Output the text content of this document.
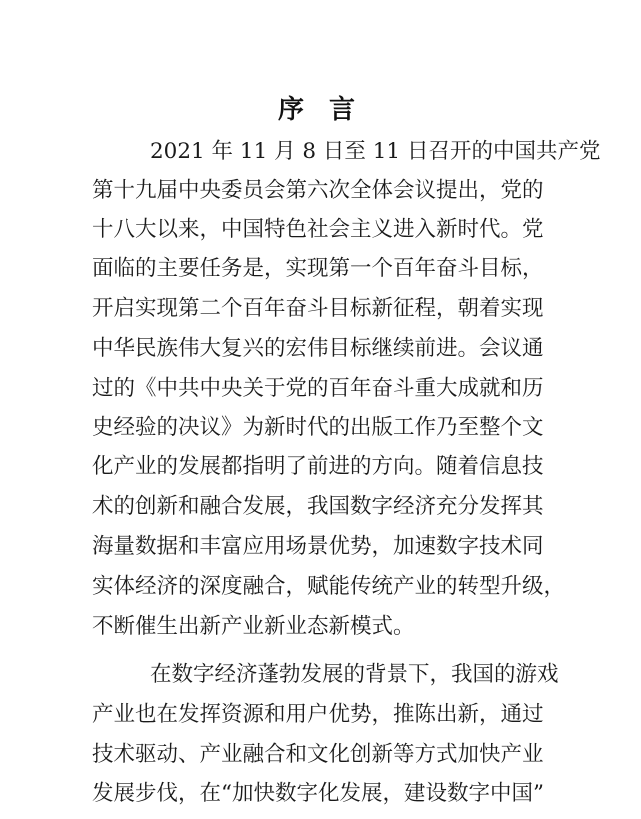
序 言
2021 年 11 月 8 日至 11 日召开的中国共产党
第十九届中央委员会第六次全体会议提出，党的
十八大以来，中国特色社会主义进入新时代。党
面临的主要任务是，实现第一个百年奋斗目标，
开启实现第二个百年奋斗目标新征程，朝着实现
中华民族伟大复兴的宏伟目标继续前进。会议通
过的《中共中央关于党的百年奋斗重大成就和历
史经验的决议》为新时代的出版工作乃至整个文
化产业的发展都指明了前进的方向。随着信息技
术的创新和融合发展，我国数字经济充分发挥其
海量数据和丰富应用场景优势，加速数字技术同
实体经济的深度融合，赋能传统产业的转型升级，
不断催生出新产业新业态新模式。
在数字经济蓬勃发展的背景下，我国的游戏
产业也在发挥资源和用户优势，推陈出新，通过
技术驱动、产业融合和文化创新等方式加快产业
发展步伐，在“加快数字化发展，建设数字中国”
